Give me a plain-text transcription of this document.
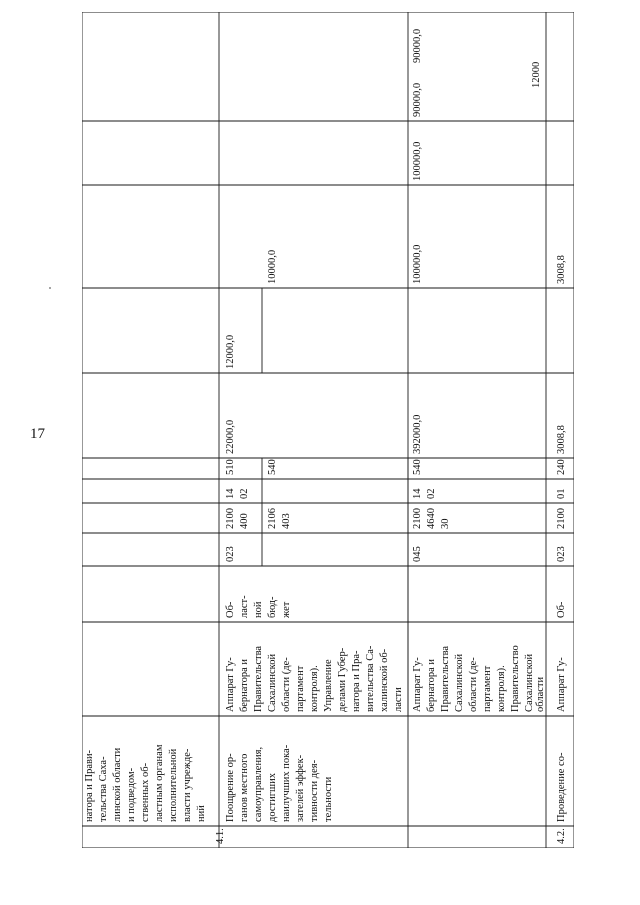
17
натора и Прави- тельства Саха- линской области и подведом- ственных об- ластным органам исполнительной власти учрежде- ний
12000
4.1.
Поощрение ор- ганов местного самоуправления, достигших наилучших пока- зателей эффек- тивности дея- тельности
Аппарат Гу- бернатора и Правительства Сахалинской области (де- партамент контроля). Управление делами Губер- натора и Пра- вительства Са- халинской об- ласти
Об- ласт- ной бюд- жет
023
2100 400 2106 403
14 02
510	540
22000,0
12000,0
10000,0
Аппарат Гу- бернатора и Правительства Сахалинской области (де- партамент контроля). Правительство Сахалинской области
045
2100 4640 30
14 02
540
392000,0
100000,0
100000,0
90000,0
90000,0
4.2.
Проведение со-
Аппарат Гу-
Об-
023
2100
01
240
3008,8
3008,8
